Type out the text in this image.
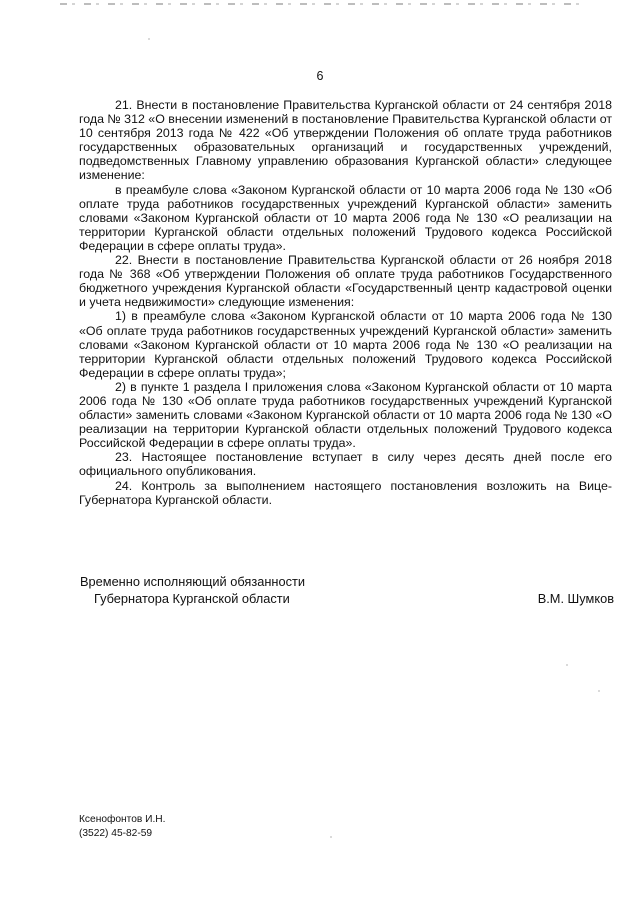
6

21. Внести в постановление Правительства Курганской области от 24 сентября 2018 года № 312 «О внесении изменений в постановление Правительства Курганской области от 10 сентября 2013 года № 422 «Об утверждении Положения об оплате труда работников государственных образовательных организаций и государственных учреждений, подведомственных Главному управлению образования Курганской области» следующее изменение:

в преамбуле слова «Законом Курганской области от 10 марта 2006 года № 130 «Об оплате труда работников государственных учреждений Курганской области» заменить словами «Законом Курганской области от 10 марта 2006 года № 130 «О реализации на территории Курганской области отдельных положений Трудового кодекса Российской Федерации в сфере оплаты труда».

22. Внести в постановление Правительства Курганской области от 26 ноября 2018 года № 368 «Об утверждении Положения об оплате труда работников Государственного бюджетного учреждения Курганской области «Государственный центр кадастровой оценки и учета недвижимости» следующие изменения:

1) в преамбуле слова «Законом Курганской области от 10 марта 2006 года № 130 «Об оплате труда работников государственных учреждений Курганской области» заменить словами «Законом Курганской области от 10 марта 2006 года № 130 «О реализации на территории Курганской области отдельных положений Трудового кодекса Российской Федерации в сфере оплаты труда»;

2) в пункте 1 раздела I приложения слова «Законом Курганской области от 10 марта 2006 года № 130 «Об оплате труда работников государственных учреждений Курганской области» заменить словами «Законом Курганской области от 10 марта 2006 года № 130 «О реализации на территории Курганской области отдельных положений Трудового кодекса Российской Федерации в сфере оплаты труда».

23. Настоящее постановление вступает в силу через десять дней после его официального опубликования.

24. Контроль за выполнением настоящего постановления возложить на Вице-Губернатора Курганской области.

Временно исполняющий обязанности
Губернатора Курганской области	В.М. Шумков
Ксенофонтов И.Н.
(3522) 45-82-59
